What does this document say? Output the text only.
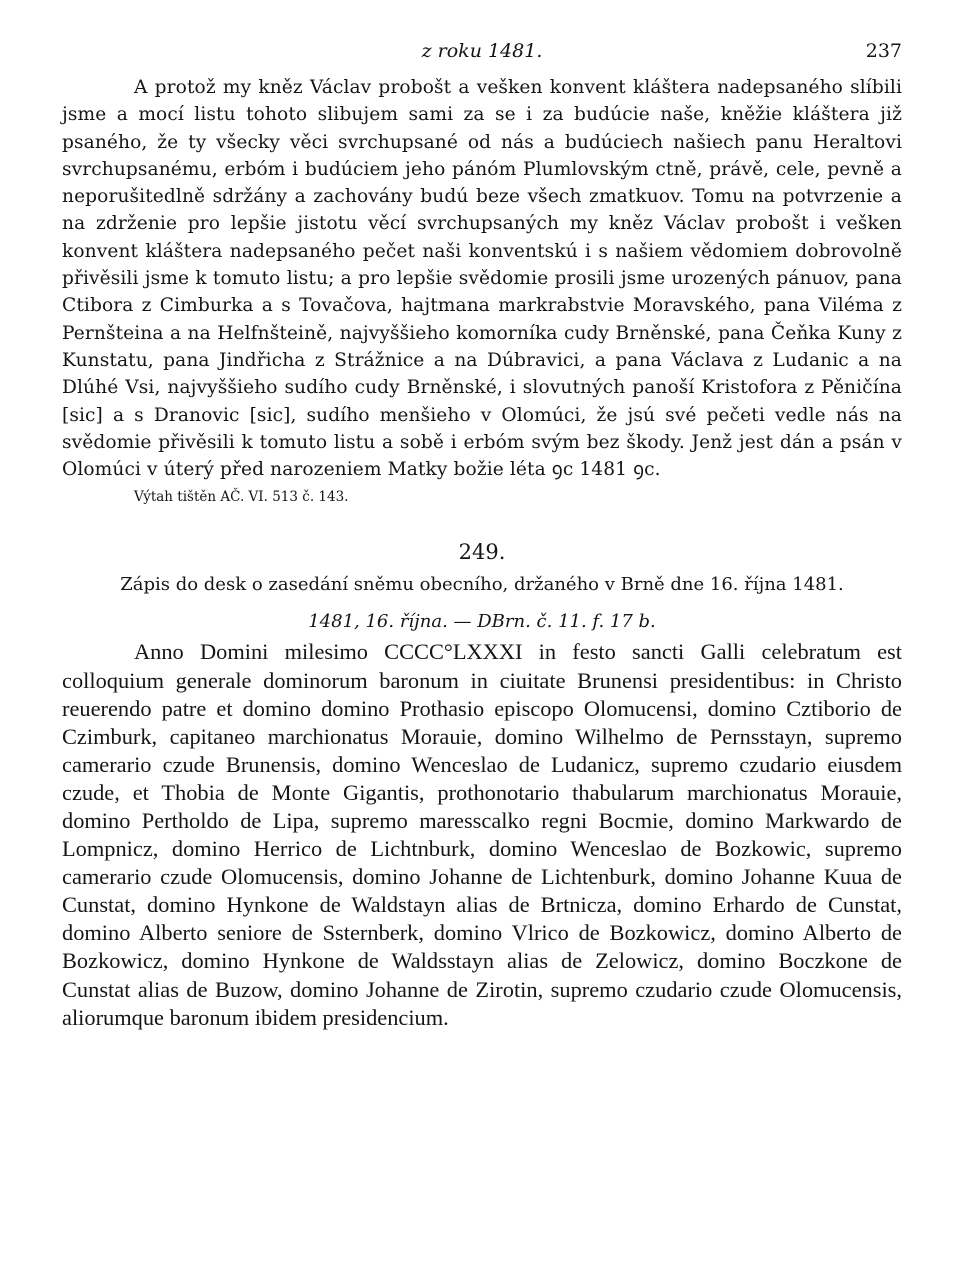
z roku 1481.	237

A protož my kněz Václav probošt a vešken konvent kláštera nadepsaného slíbili jsme a mocí listu tohoto slibujem sami za se i za budúcie naše, kněžie kláštera již psaného, že ty všecky věci svrchupsané od nás a budúciech našiech panu Heraltovi svrchupsanému, erbóm i budúciem jeho pánóm Plumlovským ctně, právě, cele, pevně a neporušitedlně sdržány a zachovány budú beze všech zmatkuov. Tomu na potvrzenie a na zdrženie pro lepšie jistotu věcí svrchupsaných my kněz Václav probošt i vešken konvent kláštera nadepsaného pečet naši konventskú i s našiem vědomiem dobrovolně přivěsili jsme k tomuto listu; a pro lepšie svědomie prosili jsme urozených pánuov, pana Ctibora z Cimburka a s Tovačova, hajtmana markrabstvie Moravského, pana Viléma z Pernšteina a na Helfnšteině, najvyššieho komorníka cudy Brněnské, pana Čeňka Kuny z Kunstatu, pana Jindřicha z Strážnice a na Dúbravici, a pana Václava z Ludanic a na Dlúhé Vsi, najvyššieho sudího cudy Brněnské, i slovutných panoší Kristofora z Pěničína [sic] a s Dranovic [sic], sudího menšieho v Olomúci, že jsú své pečeti vedle nás na svědomie přivěsili k tomuto listu a sobě i erbóm svým bez škody. Jenž jest dán a psán v Olomúci v úterý před narozeniem Matky božie léta ꝯc 1481 ꝯc.

Výtah tištěn AČ. VI. 513 č. 143.

249.
Zápis do desk o zasedání sněmu obecního, držaného v Brně dne 16. října 1481.
1481, 16. října. — DBrn. č. 11. f. 17 b.

Anno Domini milesimo CCCC°LXXXI in festo sancti Galli celebratum est colloquium generale dominorum baronum in ciuitate Brunensi presidentibus: in Christo reuerendo patre et domino domino Prothasio episcopo Olomucensi, domino Cztiborio de Czimburk, capitaneo marchionatus Morauie, domino Wilhelmo de Pernsstayn, supremo camerario czude Brunensis, domino Wenceslao de Ludanicz, supremo czudario eiusdem czude, et Thobia de Monte Gigantis, prothonotario thabularum marchionatus Morauie, domino Pertholdo de Lipa, supremo maresscalko regni Bocmie, domino Markwardo de Lompnicz, domino Herrico de Lichtnburk, domino Wenceslao de Bozkowic, supremo camerario czude Olomucensis, domino Johanne de Lichtenburk, domino Johanne Kuua de Cunstat, domino Hynkone de Waldstayn alias de Brtnicza, domino Erhardo de Cunstat, domino Alberto seniore de Ssternberk, domino Vlrico de Bozkowicz, domino Alberto de Bozkowicz, domino Hynkone de Waldsstayn alias de Zelowicz, domino Boczkone de Cunstat alias de Buzow, domino Johanne de Zirotin, supremo czudario czude Olomucensis, aliorumque baronum ibidem presidencium.
